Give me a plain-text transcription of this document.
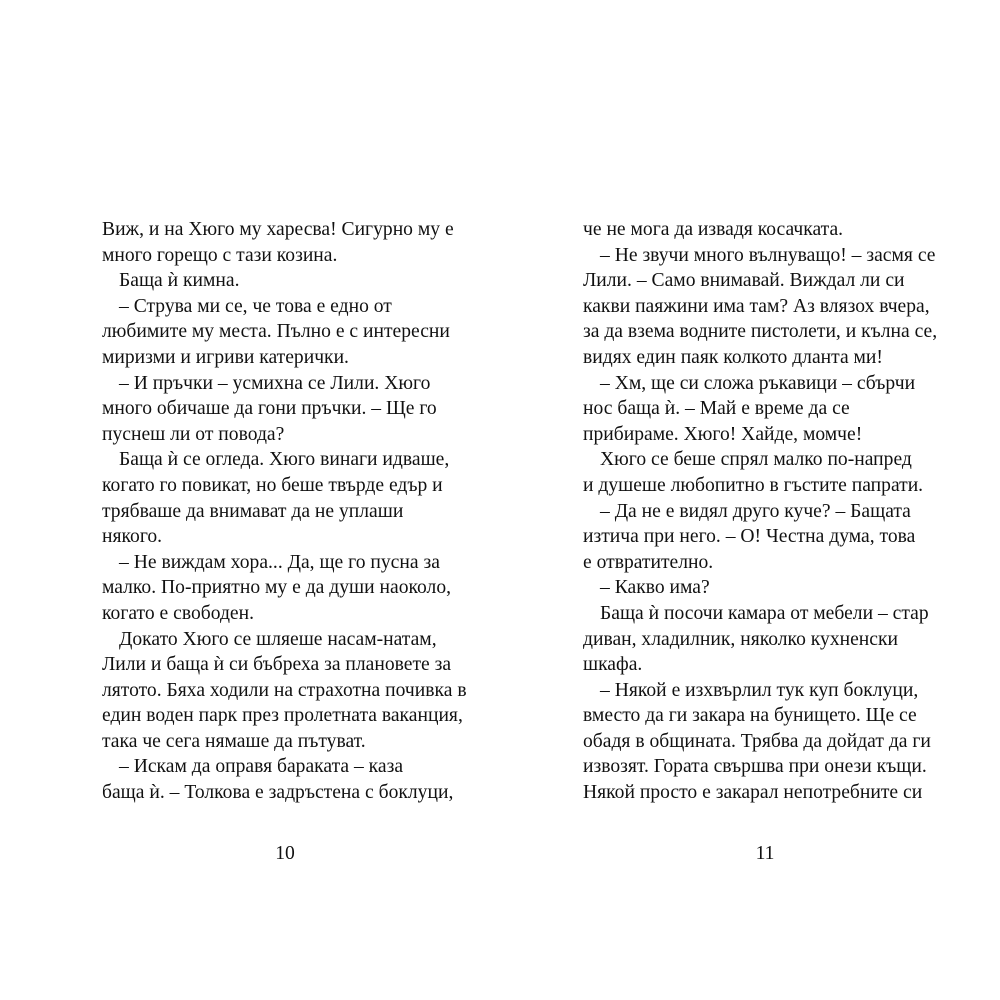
Виж, и на Хюго му харесва! Сигурно му е
много горещо с тази козина.
Баща ѝ кимна.
– Струва ми се, че това е едно от
любимите му места. Пълно е с интересни
миризми и игриви катерички.
– И пръчки – усмихна се Лили. Хюго
много обичаше да гони пръчки. – Ще го
пуснеш ли от повода?
Баща ѝ се огледа. Хюго винаги идваше,
когато го повикат, но беше твърде едър и
трябваше да внимават да не уплаши
някого.
– Не виждам хора... Да, ще го пусна за
малко. По-приятно му е да души наоколо,
когато е свободен.
Докато Хюго се шляеше насам-натам,
Лили и баща ѝ си бъбреха за плановете за
лятото. Бяха ходили на страхотна почивка в
един воден парк през пролетната ваканция,
така че сега нямаше да пътуват.
– Искам да оправя бараката – каза
баща ѝ. – Толкова е задръстена с боклуци,
че не мога да извадя косачката.
– Не звучи много вълнуващо! – засмя се
Лили. – Само внимавай. Виждал ли си
какви паяжини има там? Аз влязох вчера,
за да взема водните пистолети, и кълна се,
видях един паяк колкото дланта ми!
– Хм, ще си сложа ръкавици – сбърчи
нос баща ѝ. – Май е време да се
прибираме. Хюго! Хайде, момче!
Хюго се беше спрял малко по-напред
и душеше любопитно в гъстите папрати.
– Да не е видял друго куче? – Бащата
изтича при него. – О! Честна дума, това
е отвратително.
– Какво има?
Баща ѝ посочи камара от мебели – стар
диван, хладилник, няколко кухненски
шкафа.
– Някой е изхвърлил тук куп боклуци,
вместо да ги закара на бунището. Ще се
обадя в общината. Трябва да дойдат да ги
извозят. Гората свършва при онези къщи.
Някой просто е закарал непотребните си
10	11
